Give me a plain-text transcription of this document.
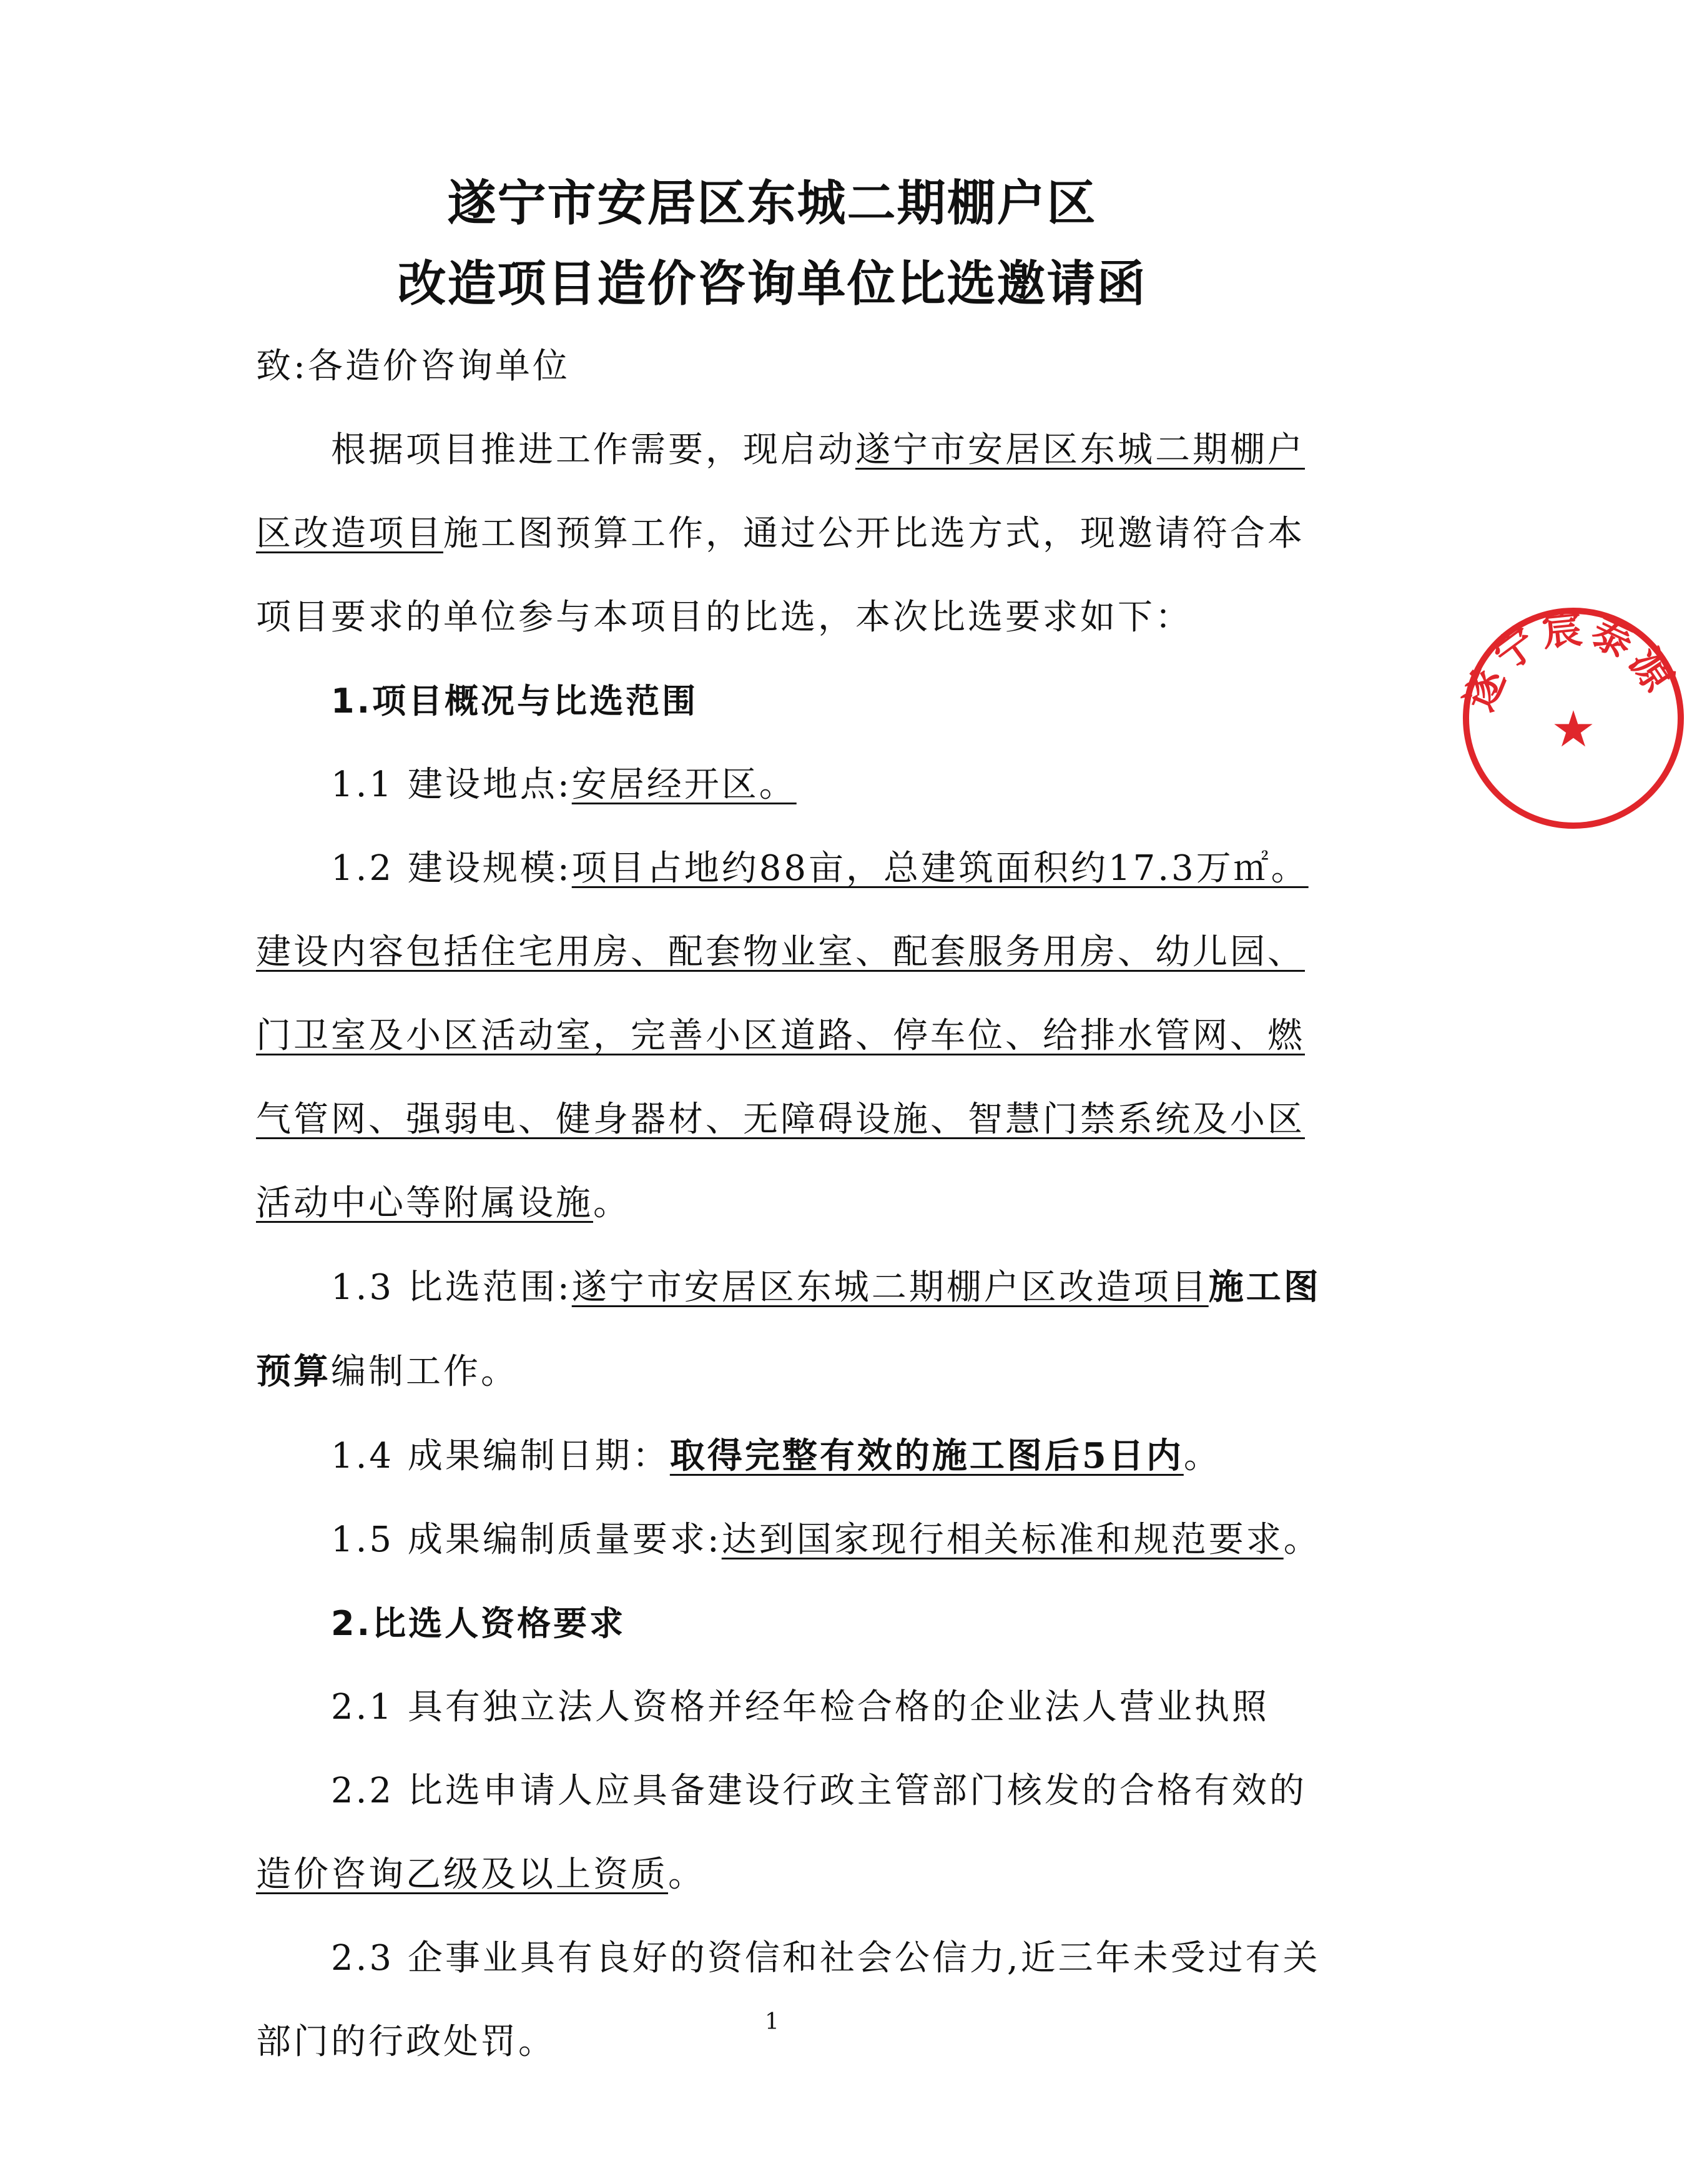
遂宁市安居区东城二期棚户区
改造项目造价咨询单位比选邀请函
致:各造价咨询单位

根据项目推进工作需要，现启动遂宁市安居区东城二期棚户区改造项目施工图预算工作，通过公开比选方式，现邀请符合本项目要求的单位参与本项目的比选，本次比选要求如下：

1.项目概况与比选范围

1.1 建设地点:安居经开区。

1.2 建设规模:项目占地约88亩，总建筑面积约17.3万㎡。建设内容包括住宅用房、配套物业室、配套服务用房、幼儿园、门卫室及小区活动室，完善小区道路、停车位、给排水管网、燃气管网、强弱电、健身器材、无障碍设施、智慧门禁系统及小区活动中心等附属设施。

1.3 比选范围:遂宁市安居区东城二期棚户区改造项目施工图预算编制工作。

1.4 成果编制日期：取得完整有效的施工图后5日内。

1.5 成果编制质量要求:达到国家现行相关标准和规范要求。

2.比选人资格要求

2.1 具有独立法人资格并经年检合格的企业法人营业执照

2.2 比选申请人应具备建设行政主管部门核发的合格有效的造价咨询乙级及以上资质。

2.3 企事业具有良好的资信和社会公信力,近三年未受过有关部门的行政处罚。	1
遂宁宸泰源
★
